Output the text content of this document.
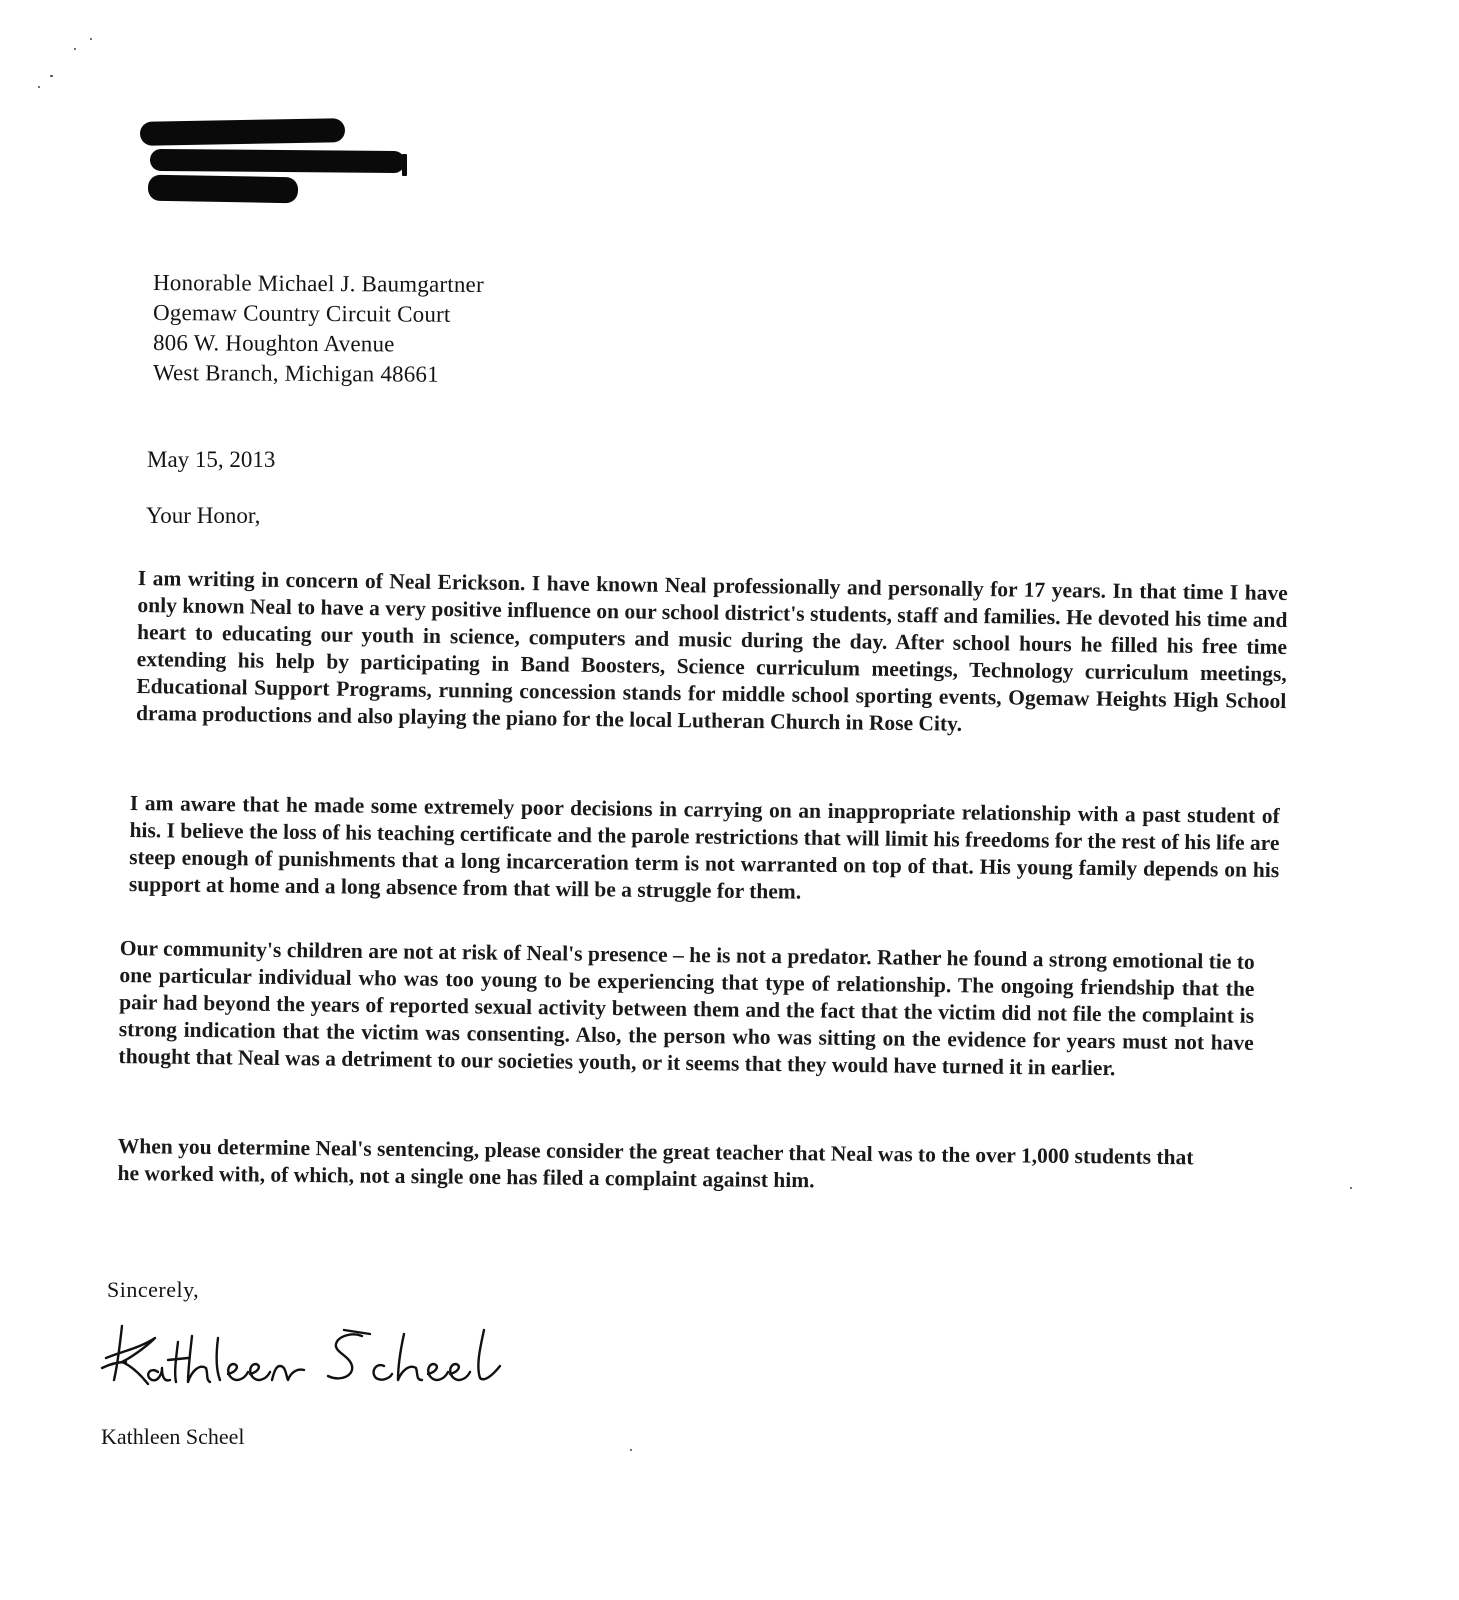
Honorable Michael J. Baumgartner
Ogemaw Country Circuit Court
806 W. Houghton Avenue
West Branch, Michigan 48661
May 15, 2013
Your Honor,
I am writing in concern of Neal Erickson. I have known Neal professionally and personally for 17 years. In that time I have only known Neal to have a very positive influence on our school district's students, staff and families. He devoted his time and heart to educating our youth in science, computers and music during the day. After school hours he filled his free time extending his help by participating in Band Boosters, Science curriculum meetings, Technology curriculum meetings, Educational Support Programs, running concession stands for middle school sporting events, Ogemaw Heights High School drama productions and also playing the piano for the local Lutheran Church in Rose City.
I am aware that he made some extremely poor decisions in carrying on an inappropriate relationship with a past student of his. I believe the loss of his teaching certificate and the parole restrictions that will limit his freedoms for the rest of his life are steep enough of punishments that a long incarceration term is not warranted on top of that. His young family depends on his support at home and a long absence from that will be a struggle for them.
Our community's children are not at risk of Neal's presence – he is not a predator. Rather he found a strong emotional tie to one particular individual who was too young to be experiencing that type of relationship. The ongoing friendship that the pair had beyond the years of reported sexual activity between them and the fact that the victim did not file the complaint is strong indication that the victim was consenting. Also, the person who was sitting on the evidence for years must not have thought that Neal was a detriment to our societies youth, or it seems that they would have turned it in earlier.
When you determine Neal's sentencing, please consider the great teacher that Neal was to the over 1,000 students that he worked with, of which, not a single one has filed a complaint against him.
Sincerely,
Kathleen Scheel
